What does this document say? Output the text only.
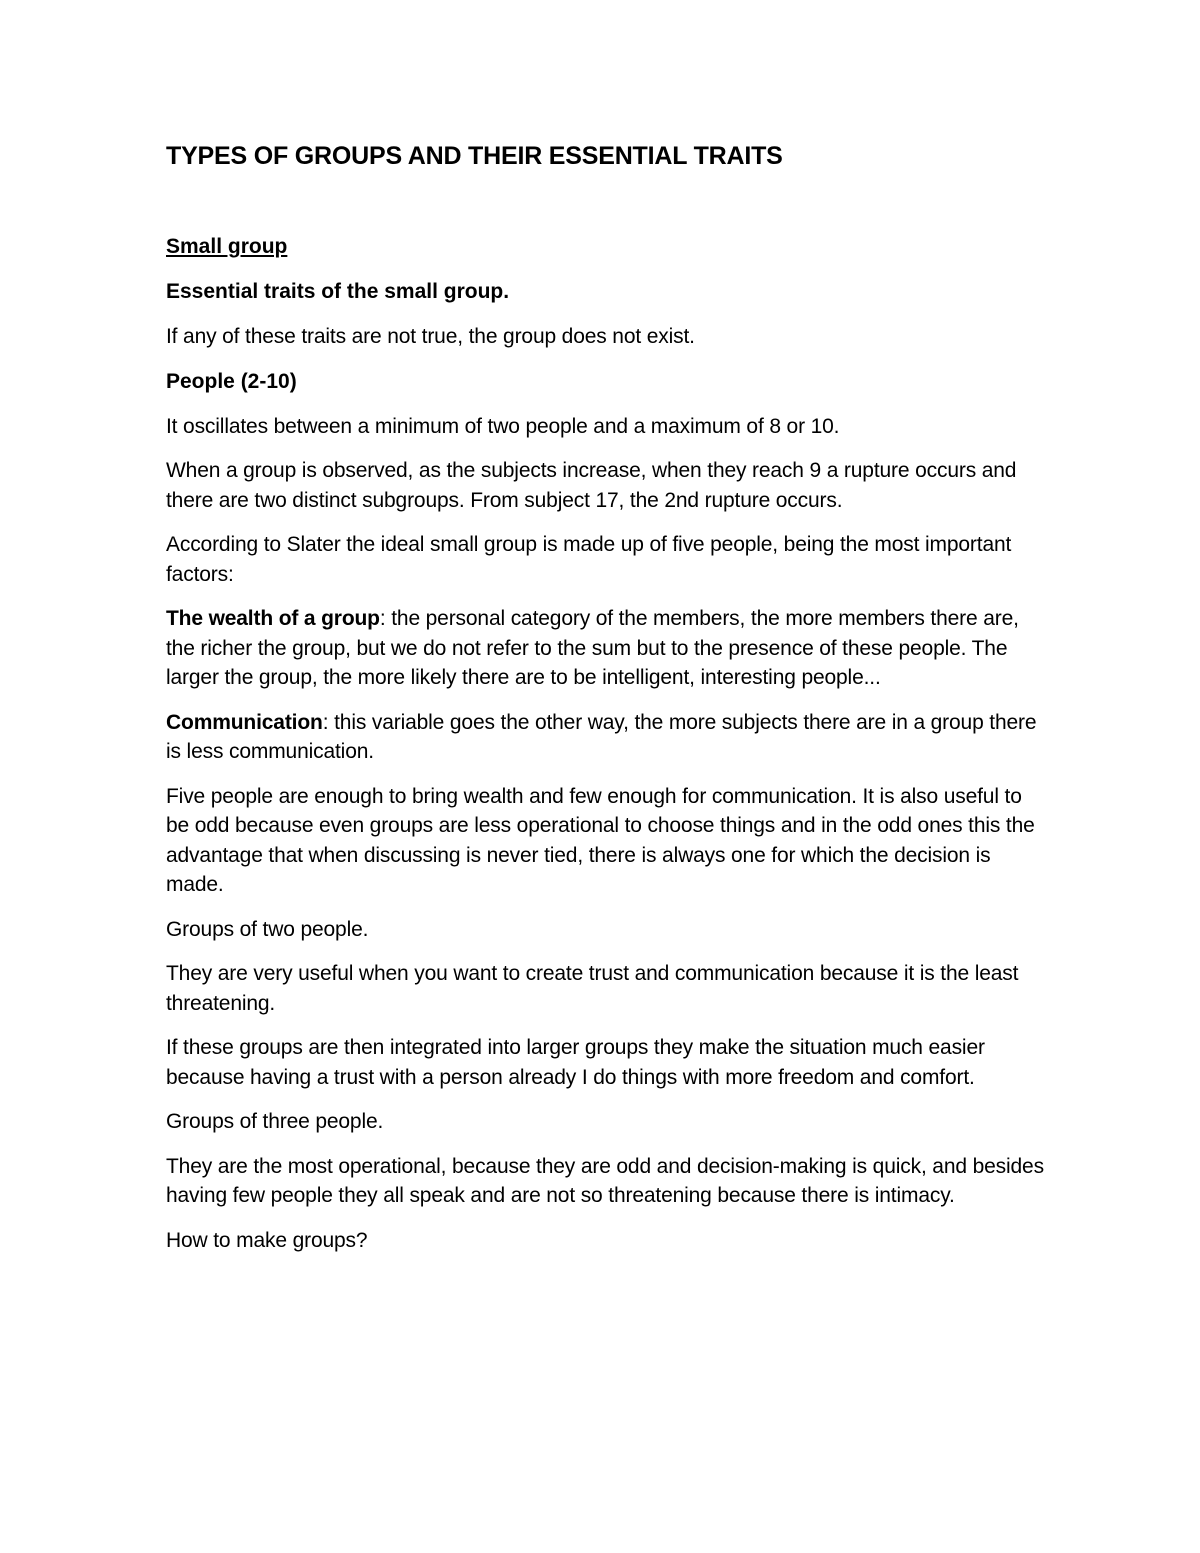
TYPES OF GROUPS AND THEIR ESSENTIAL TRAITS
Small group
Essential traits of the small group.
If any of these traits are not true, the group does not exist.
People (2-10)
It oscillates between a minimum of two people and a maximum of 8 or 10.
When a group is observed, as the subjects increase, when they reach 9 a rupture occurs and there are two distinct subgroups. From subject 17, the 2nd rupture occurs.
According to Slater the ideal small group is made up of five people, being the most important factors:
The wealth of a group: the personal category of the members, the more members there are, the richer the group, but we do not refer to the sum but to the presence of these people. The larger the group, the more likely there are to be intelligent, interesting people...
Communication: this variable goes the other way, the more subjects there are in a group there is less communication.
Five people are enough to bring wealth and few enough for communication. It is also useful to be odd because even groups are less operational to choose things and in the odd ones this the advantage that when discussing is never tied, there is always one for which the decision is made.
Groups of two people.
They are very useful when you want to create trust and communication because it is the least threatening.
If these groups are then integrated into larger groups they make the situation much easier because having a trust with a person already I do things with more freedom and comfort.
Groups of three people.
They are the most operational, because they are odd and decision-making is quick, and besides having few people they all speak and are not so threatening because there is intimacy.
How to make groups?
